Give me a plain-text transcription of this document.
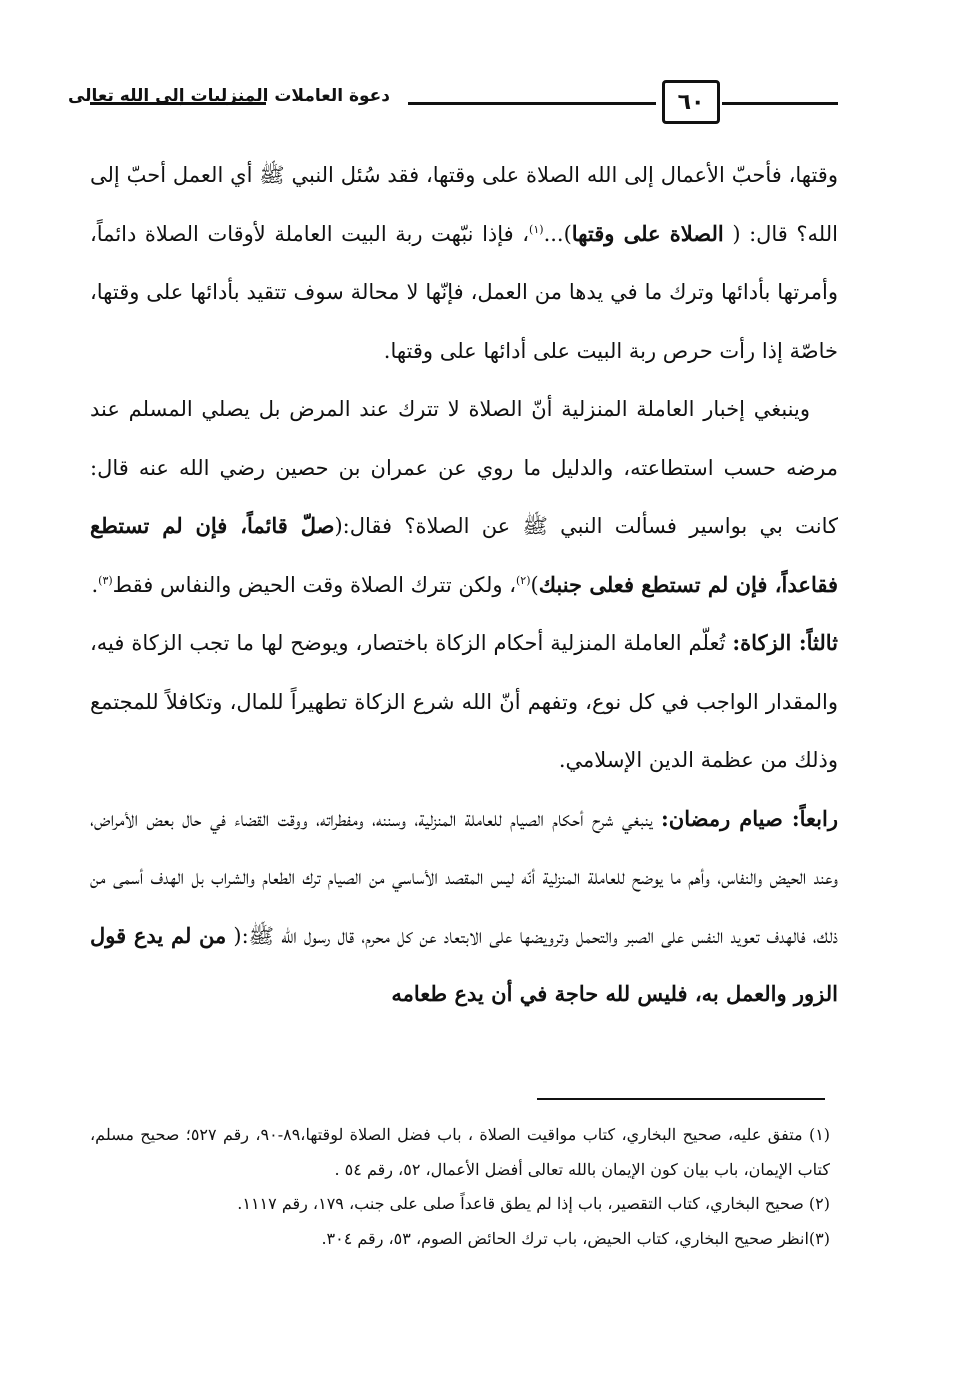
دعوة العاملات المنزليات إلى الله تعالى	٦٠

وقتها، فأحبّ الأعمال إلى الله الصلاة على وقتها، فقد سُئل النبي ﷺ أي العمل أحبّ إلى الله؟ قال: ( الصلاة على وقتها)...$^{(١)}$، فإذا نبّهت ربة البيت العاملة لأوقات الصلاة دائماً، وأمرتها بأدائها وترك ما في يدها من العمل، فإنّها لا محالة سوف تتقيد بأدائها على وقتها، خاصّة إذا رأت حرص ربة البيت على أدائها على وقتها.

وينبغي إخبار العاملة المنزلية أنّ الصلاة لا تترك عند المرض بل يصلي المسلم عند مرضه حسب استطاعته، والدليل ما روي عن عمران بن حصين رضي الله عنه قال: كانت بي بواسير فسألت النبي ﷺ عن الصلاة؟ فقال:(صلّ قائماً، فإن لم تستطع فقاعداً، فإن لم تستطع فعلى جنبك)$^{(٢)}$، ولكن تترك الصلاة وقت الحيض والنفاس فقط$^{(٣)}$.

ثالثاً: الزكاة: تُعلّم العاملة المنزلية أحكام الزكاة باختصار، ويوضح لها ما تجب الزكاة فيه، والمقدار الواجب في كل نوع، وتفهم أنّ الله شرع الزكاة تطهيراً للمال، وتكافلاً للمجتمع وذلك من عظمة الدين الإسلامي.

رابعاً: صيام رمضان: ينبغي شرح أحكام الصيام للعاملة المنزلية، وسننه، ومفطراته، ووقت القضاء في حال بعض الأمراض، وعند الحيض والنفاس، وأهم ما يوضح للعاملة المنزلية أنّه ليس المقصد الأساسي من الصيام ترك الطعام والشراب بل الهدف أسمى من ذلك، فالهدف تعويد النفس على الصبر والتحمل وترويضها على الابتعاد عن كل محرم، قال رسول الله ﷺ:( من لم يدع قول الزور والعمل به، فليس لله حاجة في أن يدع طعامه

(١) متفق عليه، صحيح البخاري، كتاب مواقيت الصلاة ، باب فضل الصلاة لوقتها،٨٩-٩٠، رقم ٥٢٧؛ صحيح مسلم، كتاب الإيمان، باب بيان كون الإيمان بالله تعالى أفضل الأعمال، ٥٢، رقم ٥٤ .

(٢) صحيح البخاري، كتاب التقصير، باب إذا لم يطق قاعداً صلى على جنب، ١٧٩، رقم ١١١٧.

(٣)انظر صحيح البخاري، كتاب الحيض، باب ترك الحائض الصوم، ٥٣، رقم ٣٠٤.
